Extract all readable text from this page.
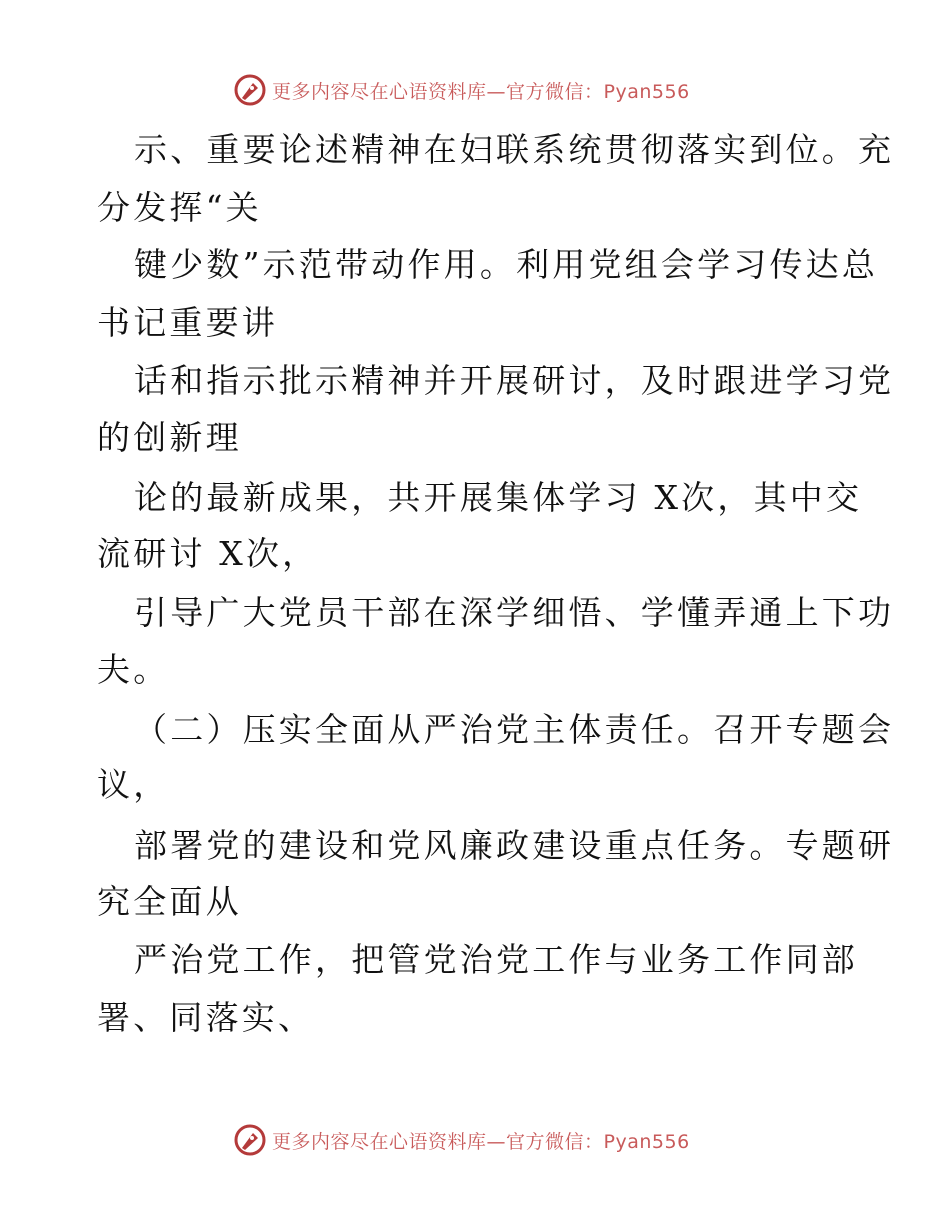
更多内容尽在心语资料库—官方微信：Pyan556
示、重要论述精神在妇联系统贯彻落实到位。充
分发挥“关
键少数”示范带动作用。利用党组会学习传达总
书记重要讲
话和指示批示精神并开展研讨，及时跟进学习党
的创新理
论的最新成果，共开展集体学习 X次，其中交
流研讨 X次，
引导广大党员干部在深学细悟、学懂弄通上下功
夫。
（二）压实全面从严治党主体责任。召开专题会
议，
部署党的建设和党风廉政建设重点任务。专题研
究全面从
严治党工作，把管党治党工作与业务工作同部
署、同落实、
更多内容尽在心语资料库—官方微信：Pyan556
